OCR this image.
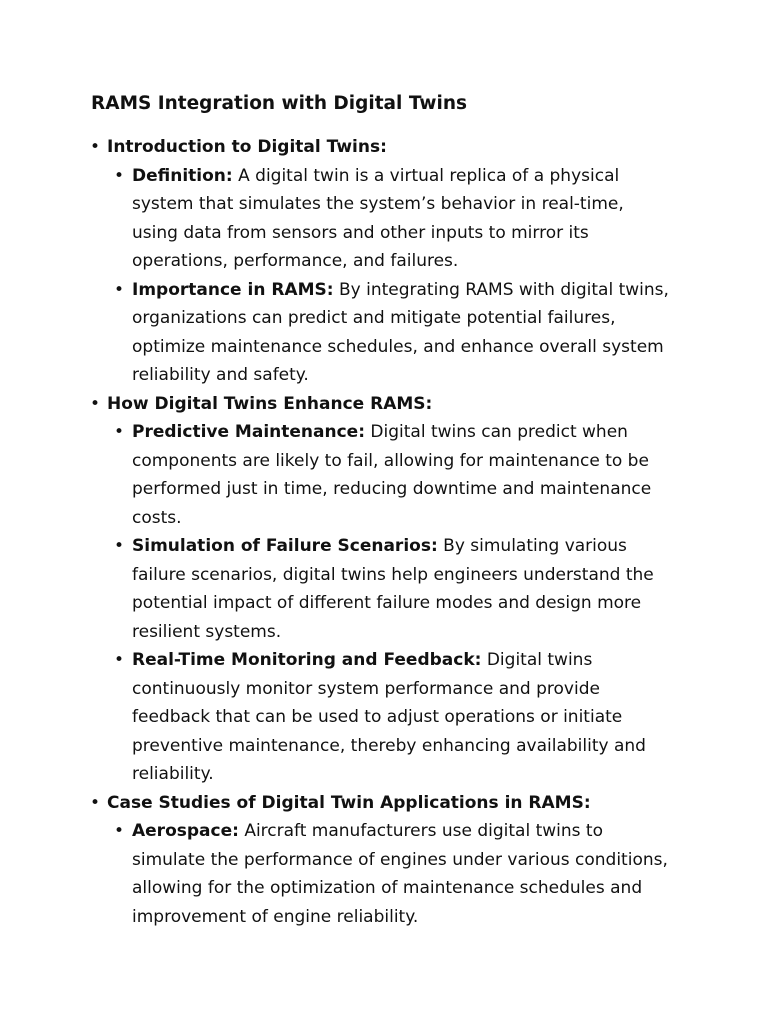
RAMS Integration with Digital Twins
• Introduction to Digital Twins:
• Definition: A digital twin is a virtual replica of a physical system that simulates the system’s behavior in real-time, using data from sensors and other inputs to mirror its operations, performance, and failures.
• Importance in RAMS: By integrating RAMS with digital twins, organizations can predict and mitigate potential failures, optimize maintenance schedules, and enhance overall system reliability and safety.
• How Digital Twins Enhance RAMS:
• Predictive Maintenance: Digital twins can predict when components are likely to fail, allowing for maintenance to be performed just in time, reducing downtime and maintenance costs.
• Simulation of Failure Scenarios: By simulating various failure scenarios, digital twins help engineers understand the potential impact of different failure modes and design more resilient systems.
• Real-Time Monitoring and Feedback: Digital twins continuously monitor system performance and provide feedback that can be used to adjust operations or initiate preventive maintenance, thereby enhancing availability and reliability.
• Case Studies of Digital Twin Applications in RAMS:
• Aerospace: Aircraft manufacturers use digital twins to simulate the performance of engines under various conditions, allowing for the optimization of maintenance schedules and improvement of engine reliability.
